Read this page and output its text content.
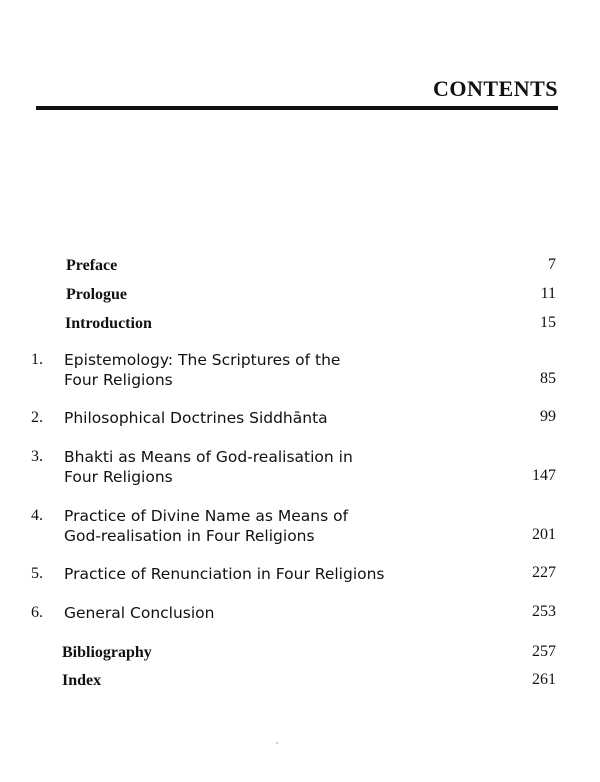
CONTENTS
Preface	7
Prologue	11
Introduction	15
1. Epistemology: The Scriptures of the
Four Religions	85
2. Philosophical Doctrines Siddhānta	99
3. Bhakti as Means of God-realisation in
Four Religions	147
4. Practice of Divine Name as Means of
God-realisation in Four Religions	201
5. Practice of Renunciation in Four Religions	227
6. General Conclusion	253
Bibliography	257
Index	261
